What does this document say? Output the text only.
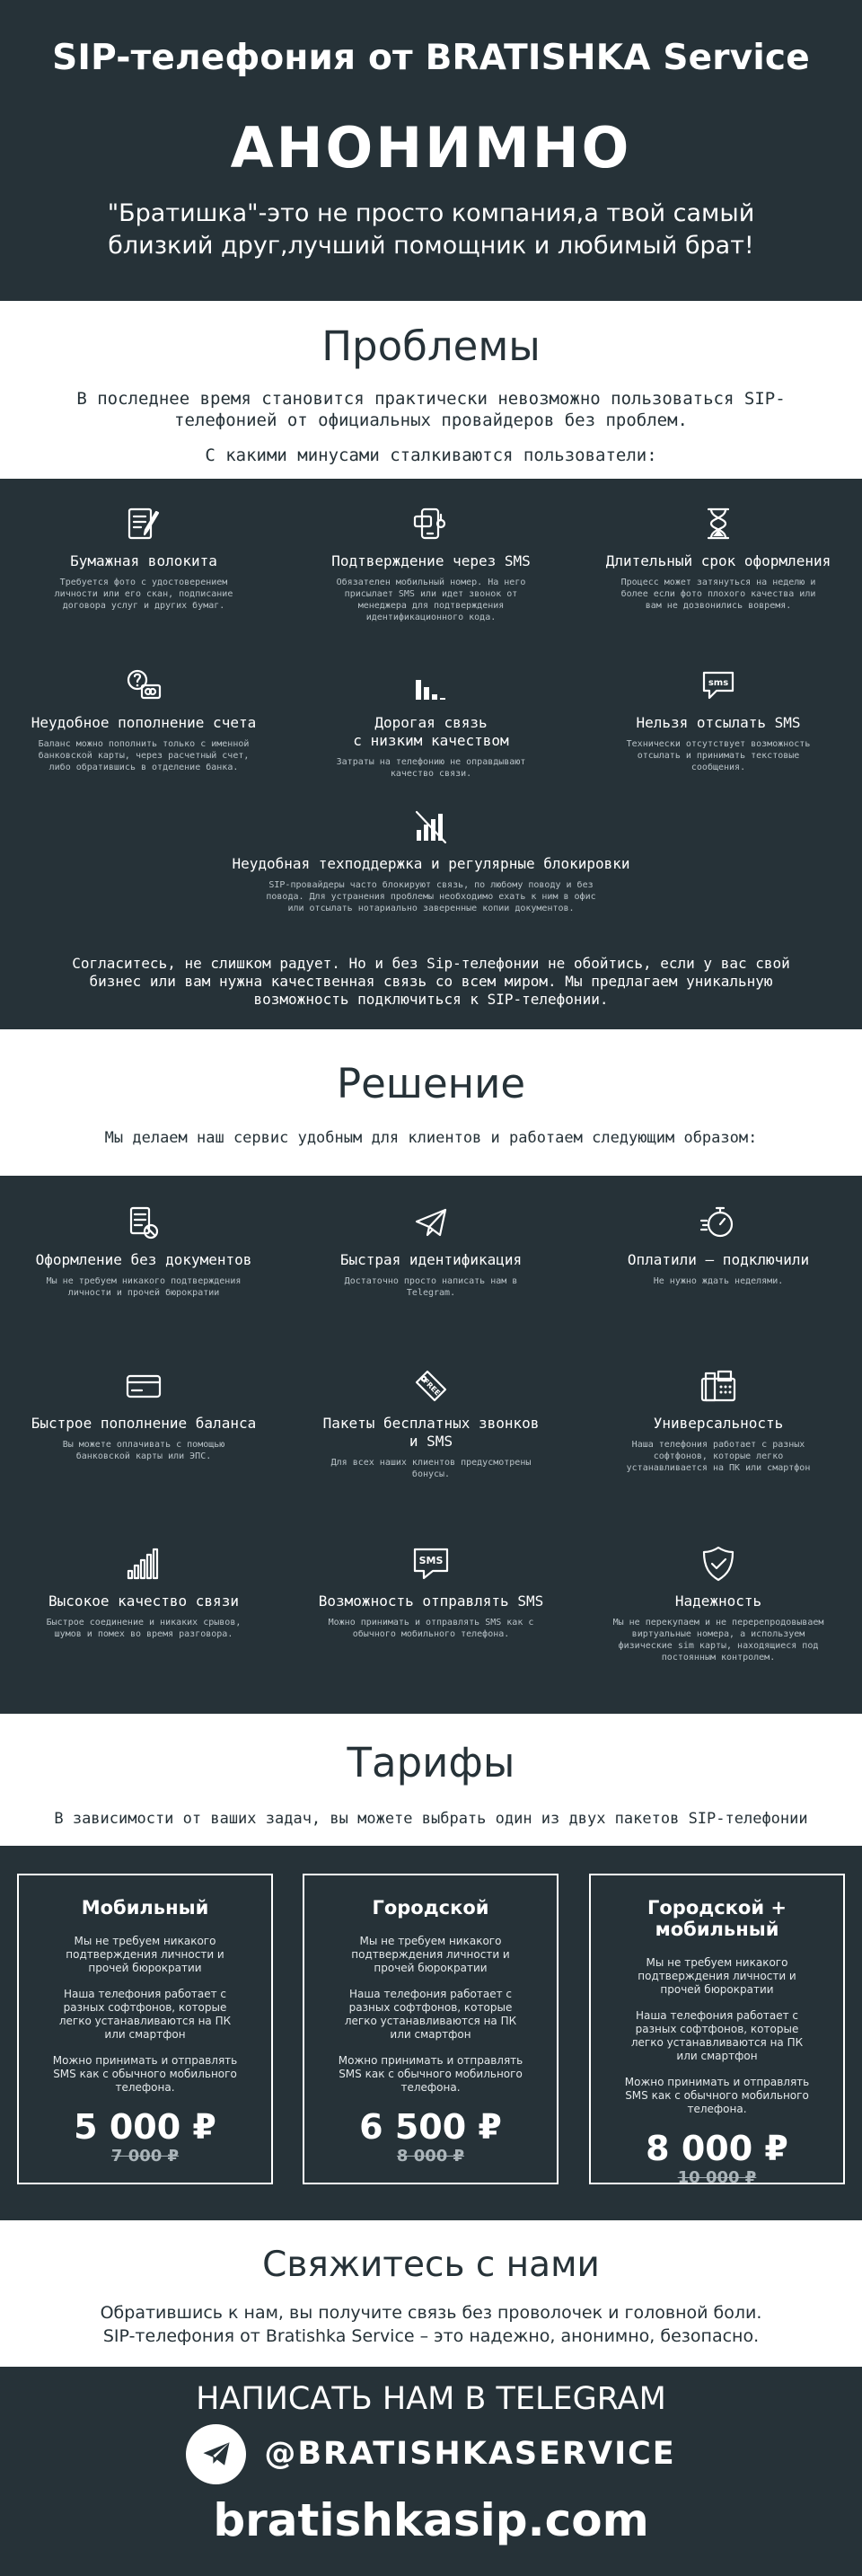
SIP-телефония от BRATISHKA Service
АНОНИМНО
"Братишка"-это не просто компания,а твой самый близкий друг,лучший помощник и любимый брат!
Проблемы
В последнее время становится практически невозможно пользоваться SIP-телефонией от официальных провайдеров без проблем.
С какими минусами сталкиваются пользователи:
Бумажная волокита
Требуется фото с удостоверением личности или его скан, подписание договора услуг и других бумаг.
Подтверждение через SMS
Обязателен мобильный номер. На него присылает SMS или идет звонок от менеджера для подтверждения идентификационного кода.
Длительный срок оформления
Процесс может затянуться на неделю и более если фото плохого качества или вам не дозвонились вовремя.
Неудобное пополнение счета
Баланс можно пополнить только с именной банковской карты, через расчетный счет, либо обратившись в отделение банка.
Дорогая связь
с низким качеством
Затраты на телефонию не оправдывают качество связи.
sms
Нельзя отсылать SMS
Технически отсутствует возможность отсылать и принимать текстовые сообщения.
Неудобная техподдержка и регулярные блокировки
SIP-провайдеры часто блокируют связь, по любому поводу и без повода. Для устранения проблемы необходимо ехать к ним в офис или отсылать нотариально заверенные копии документов.
Согласитесь, не слишком радует. Но и без Sip-телефонии не обойтись, если у вас свой бизнес или вам нужна качественная связь со всем миром. Мы предлагаем уникальную возможность подключиться к SIP-телефонии.
Решение
Мы делаем наш сервис удобным для клиентов и работаем следующим образом:
Оформление без документов
Мы не требуем никакого подтверждения личности и прочей бюрократии
Быстрая идентификация
Достаточно просто написать нам в Telegram.
Оплатили – подключили
Не нужно ждать неделями.
Быстрое пополнение баланса
Вы можете оплачивать с помощью банковской карты или ЭПС.
FREE
Пакеты бесплатных звонков
и SMS
Для всех наших клиентов предусмотрены бонусы.
Универсальность
Наша телефония работает с разных софтфонов, которые легко устанавливается на ПК или смартфон
Высокое качество связи
Быстрое соединение и никаких срывов, шумов и помех во время разговора.
SMS
Возможность отправлять SMS
Можно принимать и отправлять SMS как с обычного мобильного телефона.
Надежность
Мы не перекупаем и не перерепродовываем виртуальные номера, а используем физические sim карты, находящиеся под постоянным контролем.
Тарифы
В зависимости от ваших задач, вы можете выбрать один из двух пакетов SIP-телефонии
Мобильный
Мы не требуем никакого подтверждения личности и прочей бюрократии
Наша телефония работает с разных софтфонов, которые легко устанавливаются на ПК или смартфон
Можно принимать и отправлять SMS как с обычного мобильного телефона.
5 000 ₽
7 000 ₽
Городской
Мы не требуем никакого подтверждения личности и прочей бюрократии
Наша телефония работает с разных софтфонов, которые легко устанавливаются на ПК или смартфон
Можно принимать и отправлять SMS как с обычного мобильного телефона.
6 500 ₽
8 000 ₽
Городской + мобильный
Мы не требуем никакого подтверждения личности и прочей бюрократии
Наша телефония работает с разных софтфонов, которые легко устанавливаются на ПК или смартфон
Можно принимать и отправлять SMS как с обычного мобильного телефона.
8 000 ₽
10 000 ₽
Свяжитесь с нами
Обратившись к нам, вы получите связь без проволочек и головной боли.
SIP-телефония от Bratishka Service – это надежно, анонимно, безопасно.
НАПИСАТЬ НАМ В TELEGRAM
@BRATISHKASERVICE
bratishkasip.com
